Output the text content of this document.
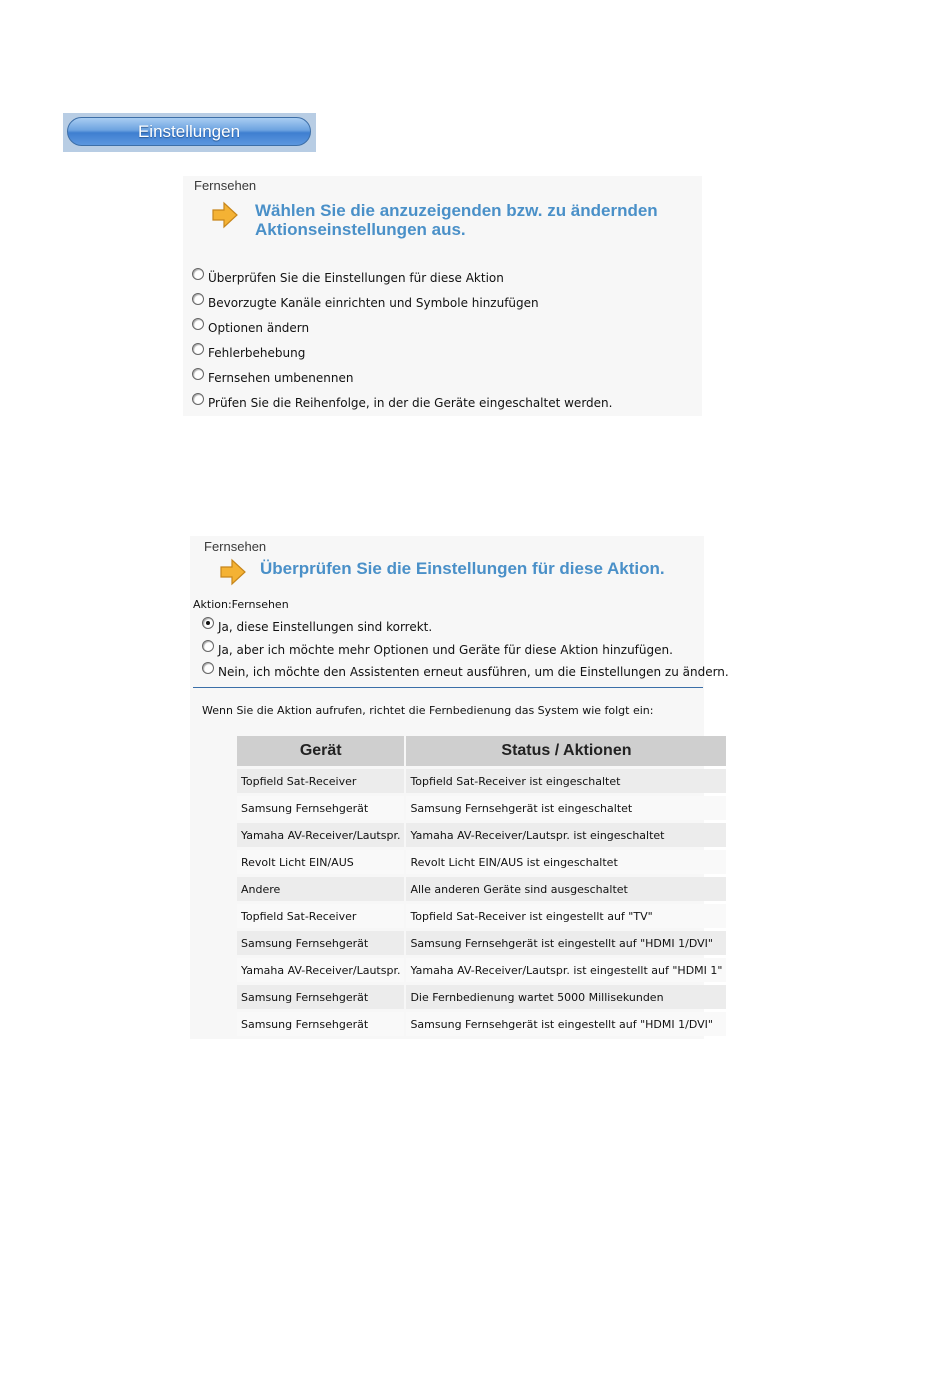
Einstellungen
Fernsehen
Wählen Sie die anzuzeigenden bzw. zu ändernden
Aktionseinstellungen aus.
Überprüfen Sie die Einstellungen für diese Aktion
Bevorzugte Kanäle einrichten und Symbole hinzufügen
Optionen ändern
Fehlerbehebung
Fernsehen umbenennen
Prüfen Sie die Reihenfolge, in der die Geräte eingeschaltet werden.
Fernsehen
Überprüfen Sie die Einstellungen für diese Aktion.
Aktion:Fernsehen
Ja, diese Einstellungen sind korrekt.
Ja, aber ich möchte mehr Optionen und Geräte für diese Aktion hinzufügen.
Nein, ich möchte den Assistenten erneut ausführen, um die Einstellungen zu ändern.
Wenn Sie die Aktion aufrufen, richtet die Fernbedienung das System wie folgt ein:
Gerät	Status / Aktionen
Topfield Sat-Receiver	Topfield Sat-Receiver ist eingeschaltet
Samsung Fernsehgerät	Samsung Fernsehgerät ist eingeschaltet
Yamaha AV-Receiver/Lautspr.	Yamaha AV-Receiver/Lautspr. ist eingeschaltet
Revolt Licht EIN/AUS	Revolt Licht EIN/AUS ist eingeschaltet
Andere	Alle anderen Geräte sind ausgeschaltet
Topfield Sat-Receiver	Topfield Sat-Receiver ist eingestellt auf "TV"
Samsung Fernsehgerät	Samsung Fernsehgerät ist eingestellt auf "HDMI 1/DVI"
Yamaha AV-Receiver/Lautspr.	Yamaha AV-Receiver/Lautspr. ist eingestellt auf "HDMI 1"
Samsung Fernsehgerät	Die Fernbedienung wartet 5000 Millisekunden
Samsung Fernsehgerät	Samsung Fernsehgerät ist eingestellt auf "HDMI 1/DVI"
